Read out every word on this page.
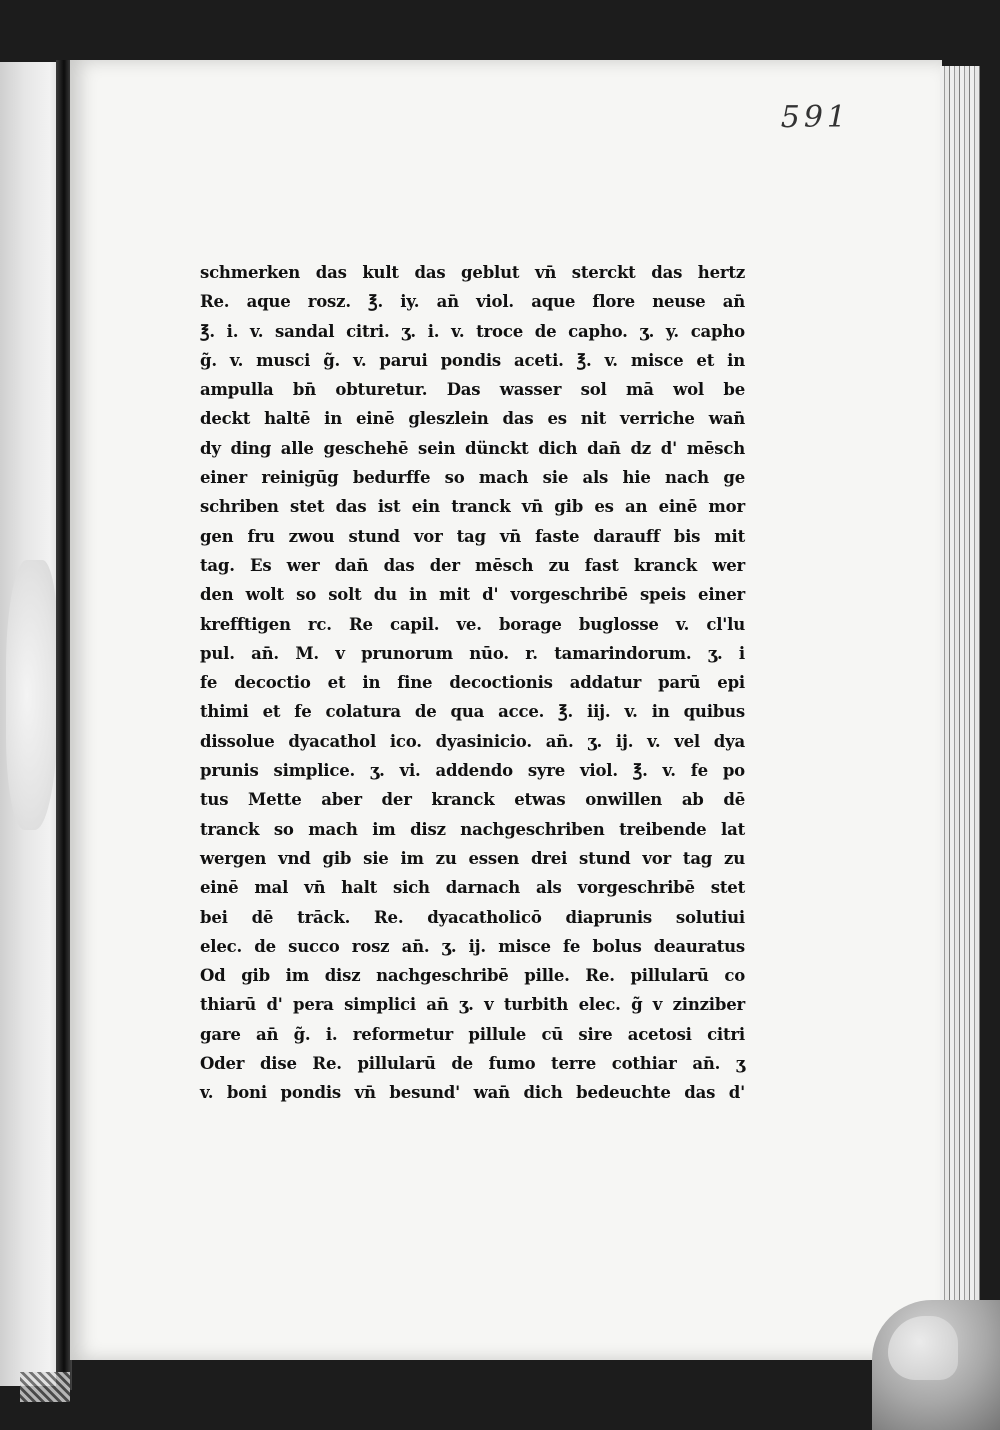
591
schmerken das kult das geblut vn̄ sterckt das hertz
Re. aque rosz. ℥. iy. an̄ viol. aque flore neuse an̄
℥. i. v. sandal citri. ʒ. i. v. troce de capho. ʒ. y. capho
g̃. v. musci g̃. v. parui pondis aceti. ℥. v. misce et in
ampulla bn̄ obturetur. Das wasser sol mā wol be
deckt haltē in einē gleszlein das es nit verriche wan̄
dy ding alle geschehē sein dünckt dich dan̄ dz d' mēsch
einer reinigūg bedurffe so mach sie als hie nach ge
schriben stet das ist ein tranck vn̄ gib es an einē mor
gen fru zwou stund vor tag vn̄ faste darauff bis mit
tag. Es wer dan̄ das der mēsch zu fast kranck wer
den wolt so solt du in mit d' vorgeschribē speis einer
krefftigen rc. Re capil. ve. borage buglosse v. cl'lu
pul. an̄. M. v prunorum nūo. r. tamarindorum. ʒ. i
fe decoctio et in fine decoctionis addatur parū epi
thimi et fe colatura de qua acce. ℥. iij. v. in quibus
dissolue dyacathol ico. dyasinicio. an̄. ʒ. ij. v. vel dya
prunis simplice. ʒ. vi. addendo syre viol. ℥. v. fe po
tus Mette aber der kranck etwas onwillen ab dē
tranck so mach im disz nachgeschriben treibende lat
wergen vnd gib sie im zu essen drei stund vor tag zu
einē mal vn̄ halt sich darnach als vorgeschribē stet
bei dē trāck. Re. dyacatholicō diaprunis solutiui
elec. de succo rosz an̄. ʒ. ij. misce fe bolus deauratus
Od gib im disz nachgeschribē pille. Re. pillularū co
thiarū d' pera simplici an̄ ʒ. v turbith elec. g̃ v zinziber
gare an̄ g̃. i. reformetur pillule cū sire acetosi citri
Oder dise Re. pillularū de fumo terre cothiar an̄. ʒ
v. boni pondis vn̄ besund' wan̄ dich bedeuchte das d'
